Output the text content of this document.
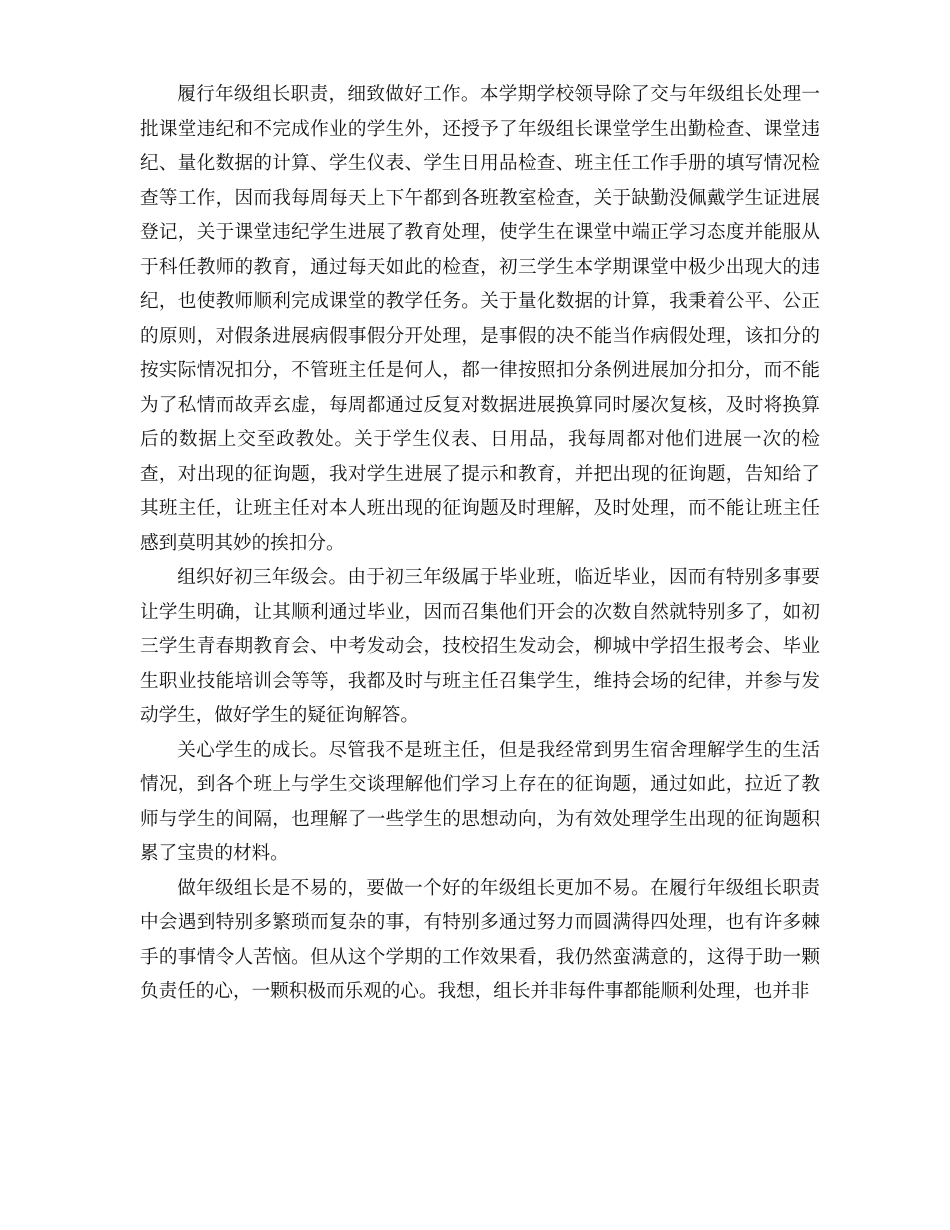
履行年级组长职责，细致做好工作。本学期学校领导除了交与年级组长处理一批课堂违纪和不完成作业的学生外，还授予了年级组长课堂学生出勤检查、课堂违纪、量化数据的计算、学生仪表、学生日用品检查、班主任工作手册的填写情况检查等工作，因而我每周每天上下午都到各班教室检查，关于缺勤没佩戴学生证进展登记，关于课堂违纪学生进展了教育处理，使学生在课堂中端正学习态度并能服从于科任教师的教育，通过每天如此的检查，初三学生本学期课堂中极少出现大的违纪，也使教师顺利完成课堂的教学任务。关于量化数据的计算，我秉着公平、公正的原则，对假条进展病假事假分开处理，是事假的决不能当作病假处理，该扣分的按实际情况扣分，不管班主任是何人，都一律按照扣分条例进展加分扣分，而不能为了私情而故弄玄虚，每周都通过反复对数据进展换算同时屡次复核，及时将换算后的数据上交至政教处。关于学生仪表、日用品，我每周都对他们进展一次的检查，对出现的征询题，我对学生进展了提示和教育，并把出现的征询题，告知给了其班主任，让班主任对本人班出现的征询题及时理解，及时处理，而不能让班主任感到莫明其妙的挨扣分。

组织好初三年级会。由于初三年级属于毕业班，临近毕业，因而有特别多事要让学生明确，让其顺利通过毕业，因而召集他们开会的次数自然就特别多了，如初三学生青春期教育会、中考发动会，技校招生发动会，柳城中学招生报考会、毕业生职业技能培训会等等，我都及时与班主任召集学生，维持会场的纪律，并参与发动学生，做好学生的疑征询解答。

关心学生的成长。尽管我不是班主任，但是我经常到男生宿舍理解学生的生活情况，到各个班上与学生交谈理解他们学习上存在的征询题，通过如此，拉近了教师与学生的间隔，也理解了一些学生的思想动向，为有效处理学生出现的征询题积累了宝贵的材料。

做年级组长是不易的，要做一个好的年级组长更加不易。在履行年级组长职责中会遇到特别多繁琐而复杂的事，有特别多通过努力而圆满得四处理，也有许多棘手的事情令人苦恼。但从这个学期的工作效果看，我仍然蛮满意的，这得于助一颗负责任的心，一颗积极而乐观的心。我想，组长并非每件事都能顺利处理，也并非
